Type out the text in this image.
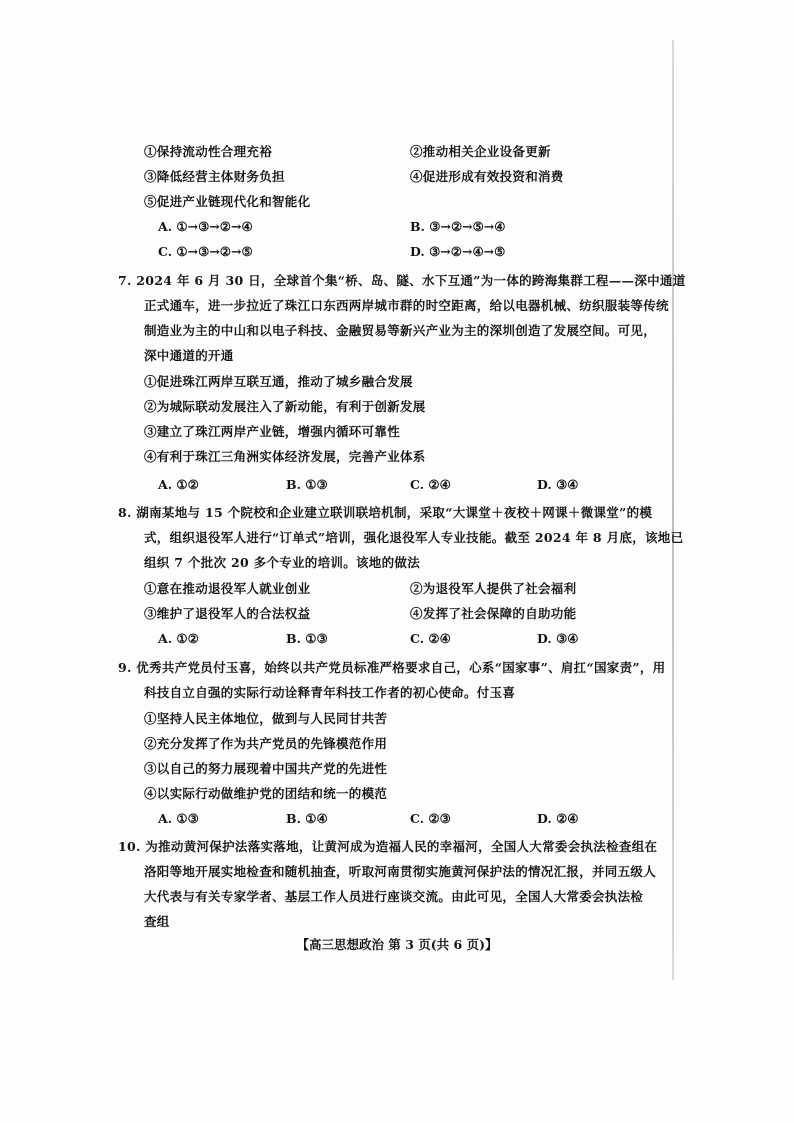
①保持流动性合理充裕	②推动相关企业设备更新
③降低经营主体财务负担	④促进形成有效投资和消费
⑤促进产业链现代化和智能化
A. ①→③→②→④	B. ③→②→⑤→④
C. ①→③→②→⑤	D. ③→②→④→⑤
7. 2024 年 6 月 30 日，全球首个集“桥、岛、隧、水下互通”为一体的跨海集群工程——深中通道
正式通车，进一步拉近了珠江口东西两岸城市群的时空距离，给以电器机械、纺织服装等传统
制造业为主的中山和以电子科技、金融贸易等新兴产业为主的深圳创造了发展空间。可见，
深中通道的开通
①促进珠江两岸互联互通，推动了城乡融合发展
②为城际联动发展注入了新动能，有利于创新发展
③建立了珠江两岸产业链，增强内循环可靠性
④有利于珠江三角洲实体经济发展，完善产业体系
A. ①②	B. ①③	C. ②④	D. ③④
8. 湖南某地与 15 个院校和企业建立联训联培机制，采取“大课堂＋夜校＋网课＋微课堂”的模
式，组织退役军人进行“订单式”培训，强化退役军人专业技能。截至 2024 年 8 月底，该地已
组织 7 个批次 20 多个专业的培训。该地的做法
①意在推动退役军人就业创业	②为退役军人提供了社会福利
③维护了退役军人的合法权益	④发挥了社会保障的自助功能
A. ①②	B. ①③	C. ②④	D. ③④
9. 优秀共产党员付玉喜，始终以共产党员标准严格要求自己，心系“国家事”、肩扛“国家责”，用
科技自立自强的实际行动诠释青年科技工作者的初心使命。付玉喜
①坚持人民主体地位，做到与人民同甘共苦
②充分发挥了作为共产党员的先锋模范作用
③以自己的努力展现着中国共产党的先进性
④以实际行动做维护党的团结和统一的模范
A. ①③	B. ①④	C. ②③	D. ②④
10. 为推动黄河保护法落实落地，让黄河成为造福人民的幸福河，全国人大常委会执法检查组在
洛阳等地开展实地检查和随机抽查，听取河南贯彻实施黄河保护法的情况汇报，并同五级人
大代表与有关专家学者、基层工作人员进行座谈交流。由此可见，全国人大常委会执法检
查组
【高三思想政治 第 3 页(共 6 页)】
